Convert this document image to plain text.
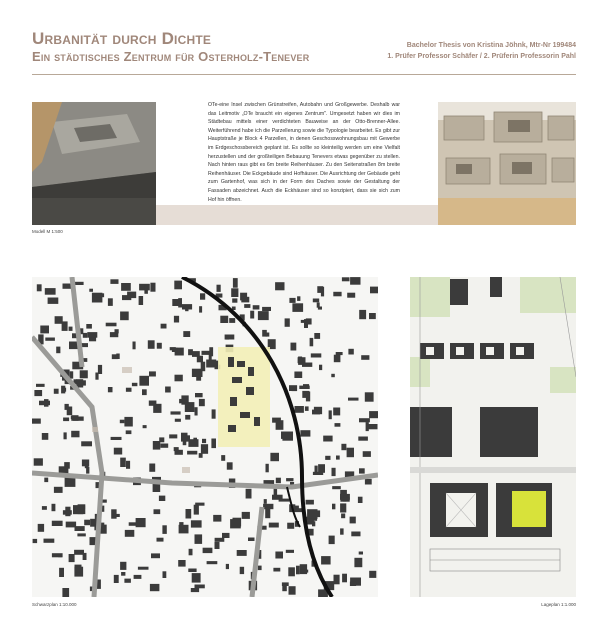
Urbanität durch Dichte
Ein städtisches Zentrum für Osterholz-Tenever
Bachelor Thesis von Kristina Jöhnk, Mtr-Nr 199484
1. Prüfer Professor Schäfer / 2. Prüferin Professorin Pahl
OTe-eine Insel zwischen Grünstreifen, Autobahn und Großgewerbe. Deshalb war das Leitmotiv „OTe braucht ein eigenes Zentrum". Umgesetzt haben wir dies im Städtebau mittels einer verdichteten Bauweise an der Otto-Brenner-Allee. Weiterführend habe ich die Parzellerung sowie die Typologie bearbeitet. Es gibt zur Hauptstraße je Block 4 Parzellen, in denen Geschosswohnungsbau mit Gewerbe im Erdgeschossbereich geplant ist. Es sollte so kleinteilig werden um eine Vielfalt herzustellen und der großteiligen Bebauung Tenevers etwas gegenüber zu stellen. Nach hinten raus gibt es 6m breite Reihenhäuser. Zu den Seitenstraßen 8m breite Reihenhäuser. Die Eckgebäude sind Hofhäuser. Die Ausrichtung der Gebäude geht zum Gartenhof, was sich in der Form des Daches sowie der Gestaltung der Fassaden abzeichnet. Auch die Eckhäuser sind so konzipiert, dass sie sich zum Hof hin öffnen.
Modell M 1:500
Schwarzplan 1:10.000	Lageplan 1:1.000
